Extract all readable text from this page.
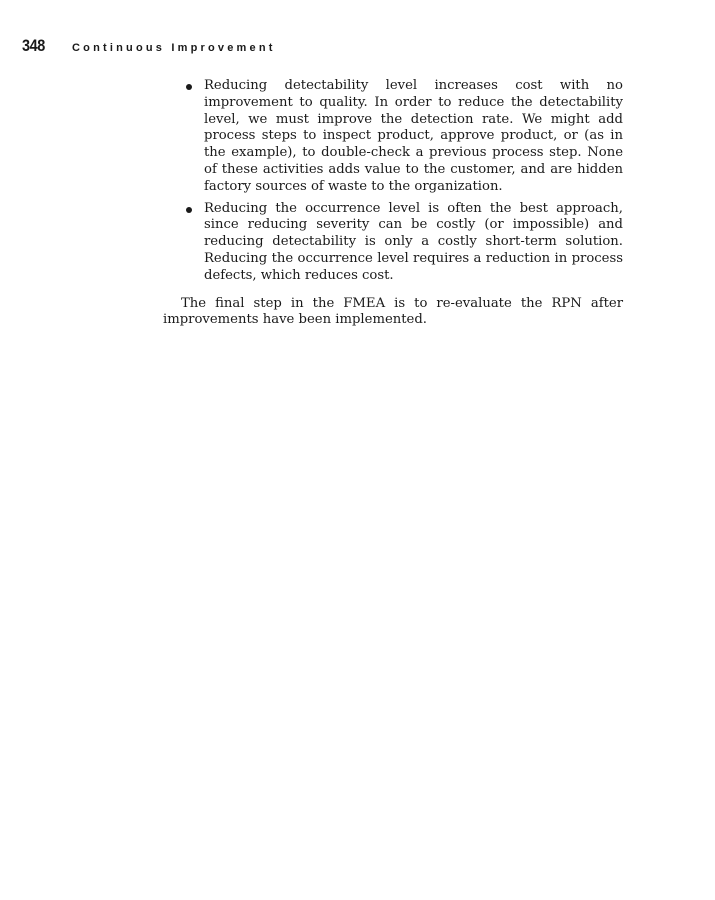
348	Continuous Improvement
Reducing detectability level increases cost with no improvement to quality. In order to reduce the detectability level, we must improve the detection rate. We might add process steps to inspect product, approve product, or (as in the example), to double-check a previous process step. None of these activities adds value to the customer, and are hidden factory sources of waste to the organization.
Reducing the occurrence level is often the best approach, since reducing severity can be costly (or impossible) and reducing detectability is only a costly short-term solution. Reducing the occurrence level requires a reduction in process defects, which reduces cost.

The final step in the FMEA is to re-evaluate the RPN after improvements have been implemented.
